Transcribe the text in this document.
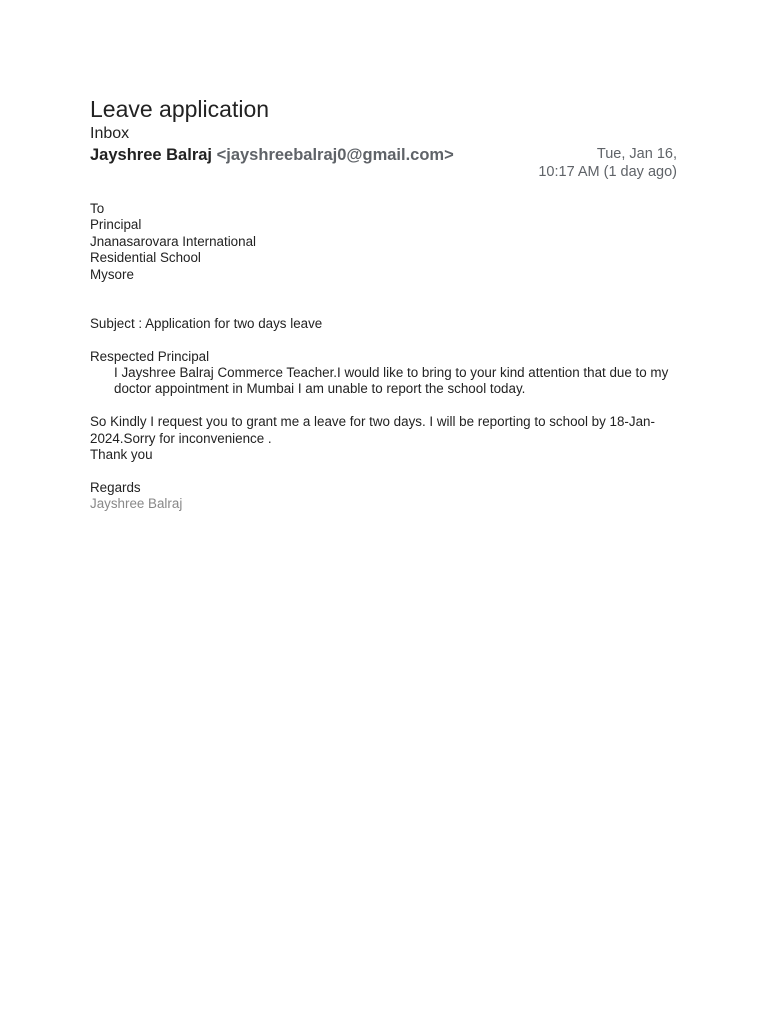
Leave application
Inbox
Jayshree Balraj <jayshreebalraj0@gmail.com>	Tue, Jan 16,
10:17 AM (1 day ago)

To

Principal

Jnanasarovara International

Residential School

Mysore

Subject : Application for two days leave

Respected Principal

I Jayshree Balraj Commerce Teacher.I would like to bring to your kind attention that due to my doctor appointment in Mumbai I am unable to report the school today.

So Kindly I request you to grant me a leave for two days. I will be reporting to school by 18-Jan-2024.Sorry for inconvenience .

Thank you

Regards

Jayshree Balraj
